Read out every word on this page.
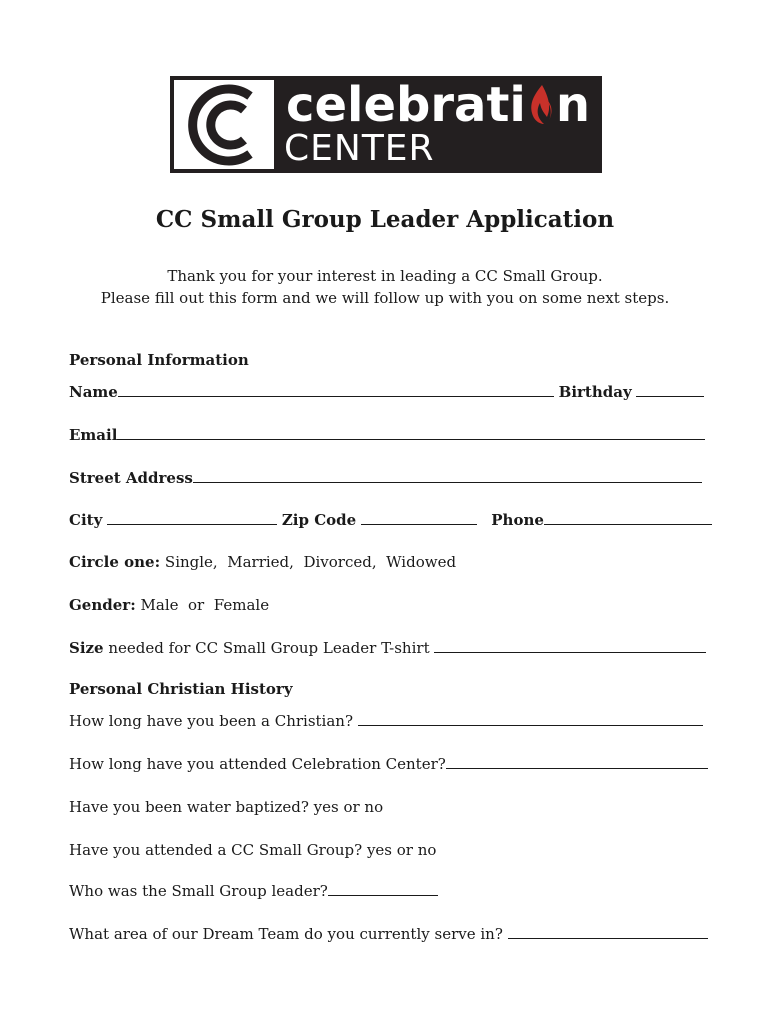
celebrati n
CENTER
CC Small Group Leader Application
Thank you for your interest in leading a CC Small Group.
Please fill out this form and we will follow up with you on some next steps.
Personal Information
Name	Birthday
Email
Street Address
City	Zip Code	Phone
Circle one: Single,  Married,  Divorced,  Widowed
Gender: Male  or  Female
Size needed for CC Small Group Leader T-shirt
Personal Christian History
How long have you been a Christian?
How long have you attended Celebration Center?
Have you been water baptized? yes or no
Have you attended a CC Small Group? yes or no
Who was the Small Group leader?
What area of our Dream Team do you currently serve in?
